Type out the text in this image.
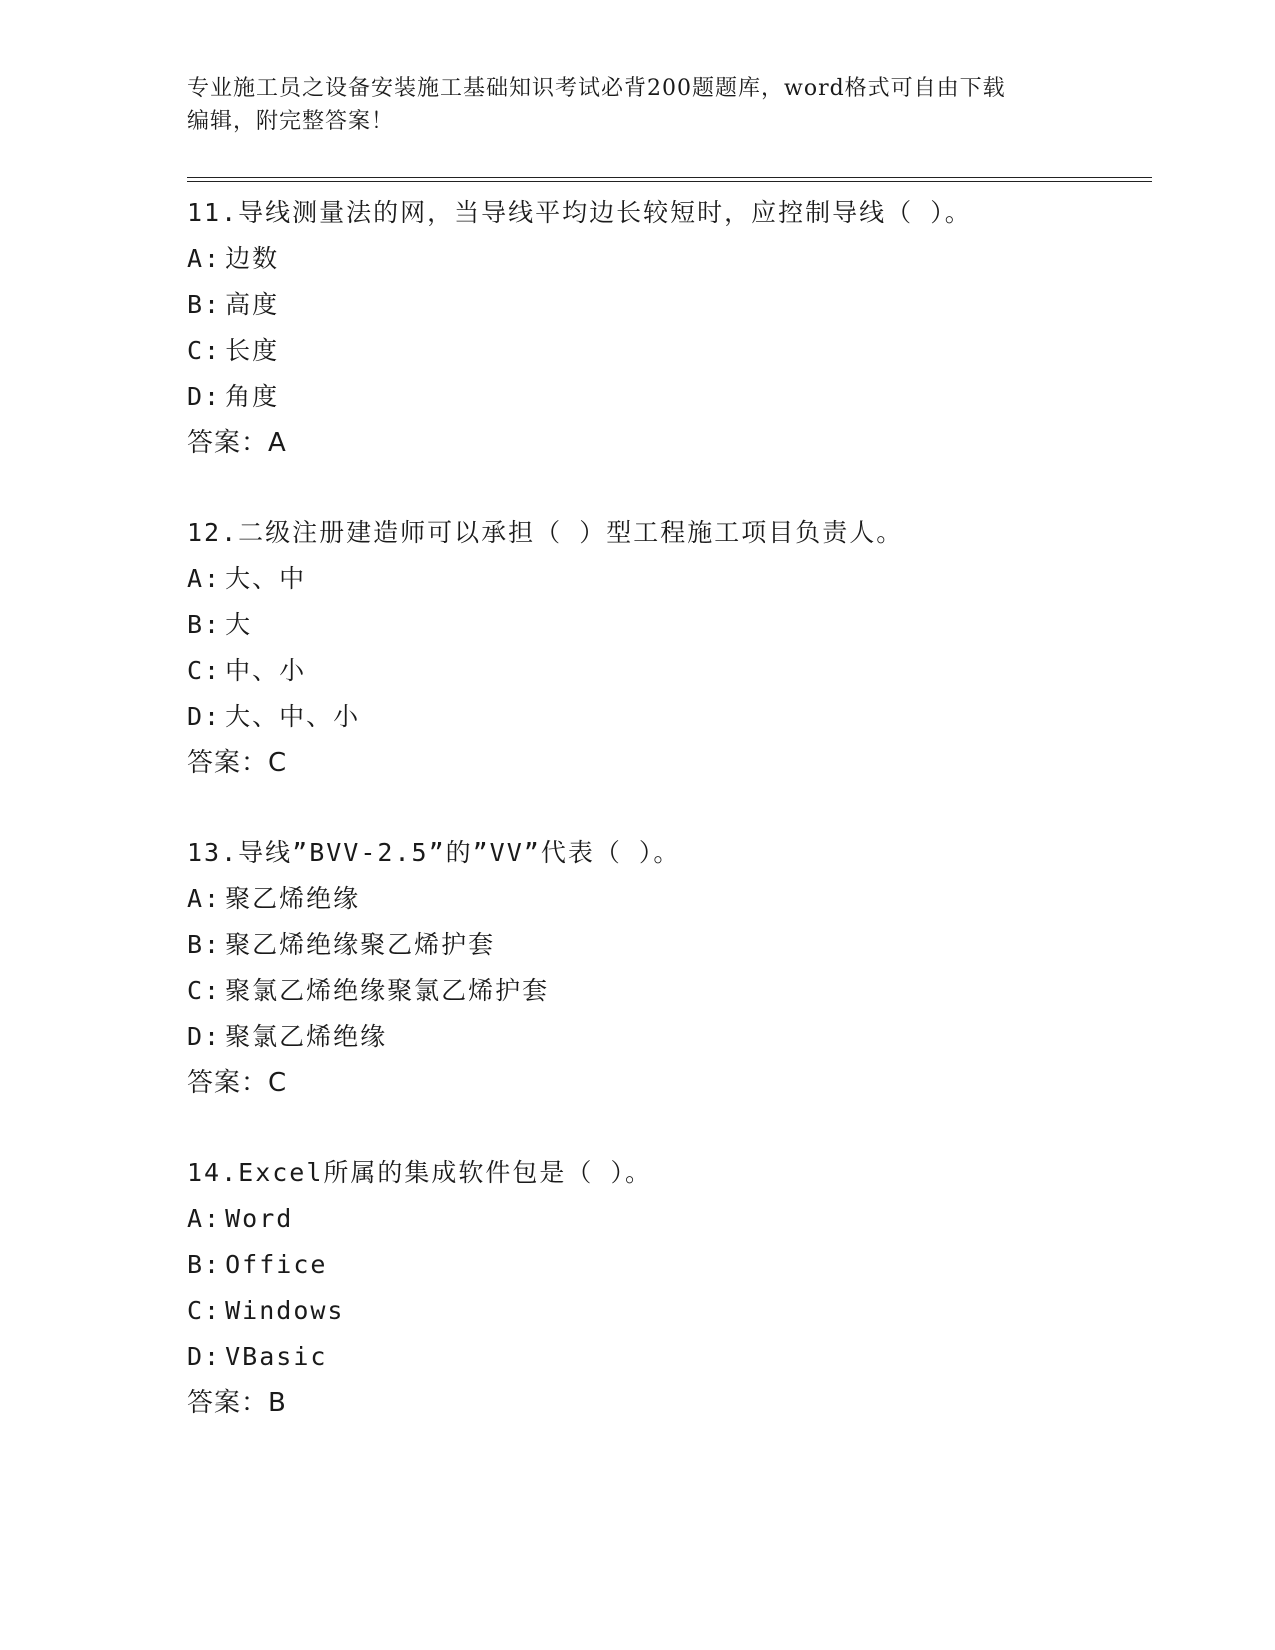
专业施工员之设备安装施工基础知识考试必背200题题库，word格式可自由下载
编辑，附完整答案！
11.导线测量法的网，当导线平均边长较短时，应控制导线（ ）。
A: 边数
B: 高度
C: 长度
D: 角度
答案：A
12.二级注册建造师可以承担（ ）型工程施工项目负责人。
A: 大、中
B: 大
C: 中、小
D: 大、中、小
答案：C
13.导线”BVV-2.5”的”VV”代表（ ）。
A: 聚乙烯绝缘
B: 聚乙烯绝缘聚乙烯护套
C: 聚氯乙烯绝缘聚氯乙烯护套
D: 聚氯乙烯绝缘
答案：C
14.Excel所属的集成软件包是（ ）。
A: Word
B: Office
C: Windows
D: VBasic
答案：B
